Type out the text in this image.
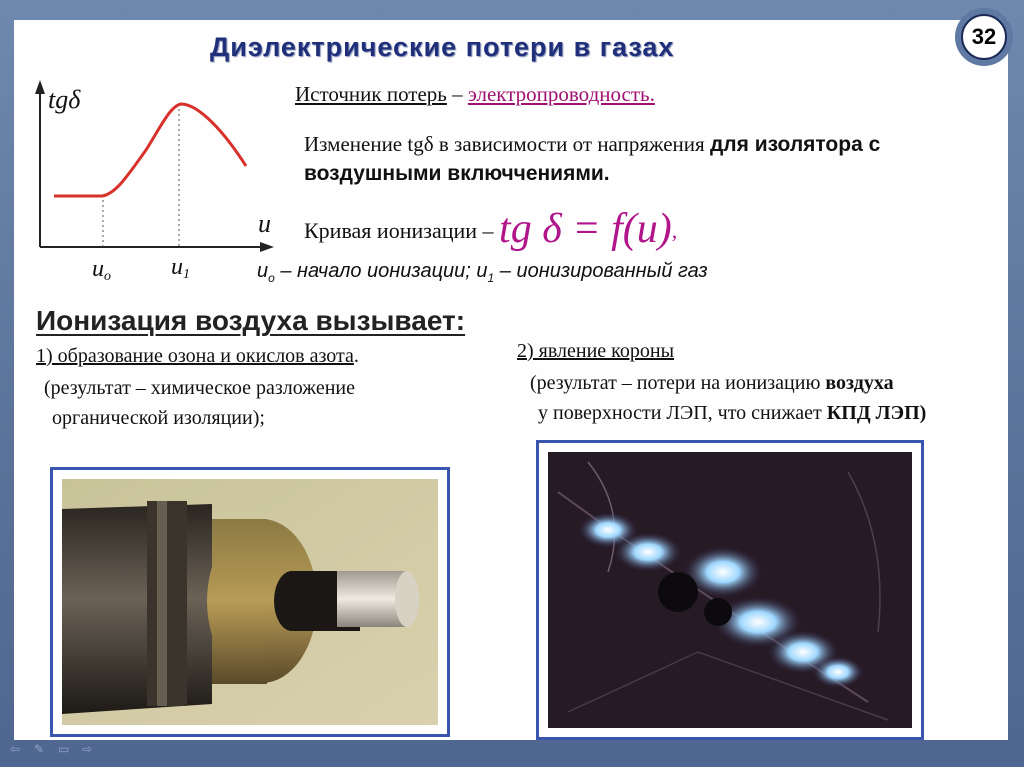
32
Диэлектрические потери в газах
tgδ
u
uо	u1
Источник потерь – электропроводность.
Изменение tgδ в зависимости от напряжения для изолятора с
воздушными включчениями.
Кривая ионизации – tg δ = f(u),
$u_о$ – начало ионизации; $u_1$ – ионизированный газ
Ионизация воздуха вызывает:
1) образование озона и окислов азота.
(результат – химическое разложение
органической изоляции);
2) явление короны
(результат – потери на ионизацию воздуха
у поверхности ЛЭП, что снижает КПД ЛЭП)
⇦	✎	▭	⇨
